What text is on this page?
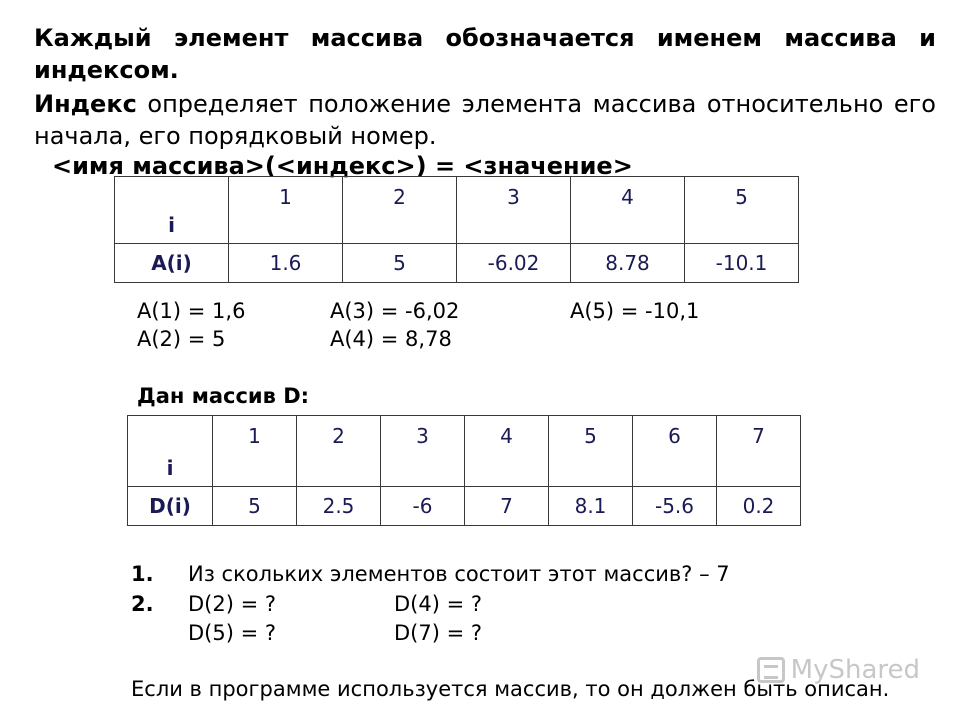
Каждый элемент массива обозначается именем массива и
индексом.
Индекс определяет положение элемента массива относительно его
начала, его порядковый номер.
<имя массива>(<индекс>) = <значение>
i	1	2	3	4	5
A(i)	1.6	5	-6.02	8.78	-10.1
A(1) = 1,6	A(3) = -6,02	A(5) = -10,1
A(2) = 5	A(4) = 8,78
Дан массив D:
i	1	2	3	4	5	6	7
D(i)	5	2.5	-6	7	8.1	-5.6	0.2
1. Из скольких элементов состоит этот массив? – 7
2. D(2) = ?	D(4) = ?
D(5) = ?	D(7) = ?
Если в программе используется массив, то он должен быть описан.
MyShared
